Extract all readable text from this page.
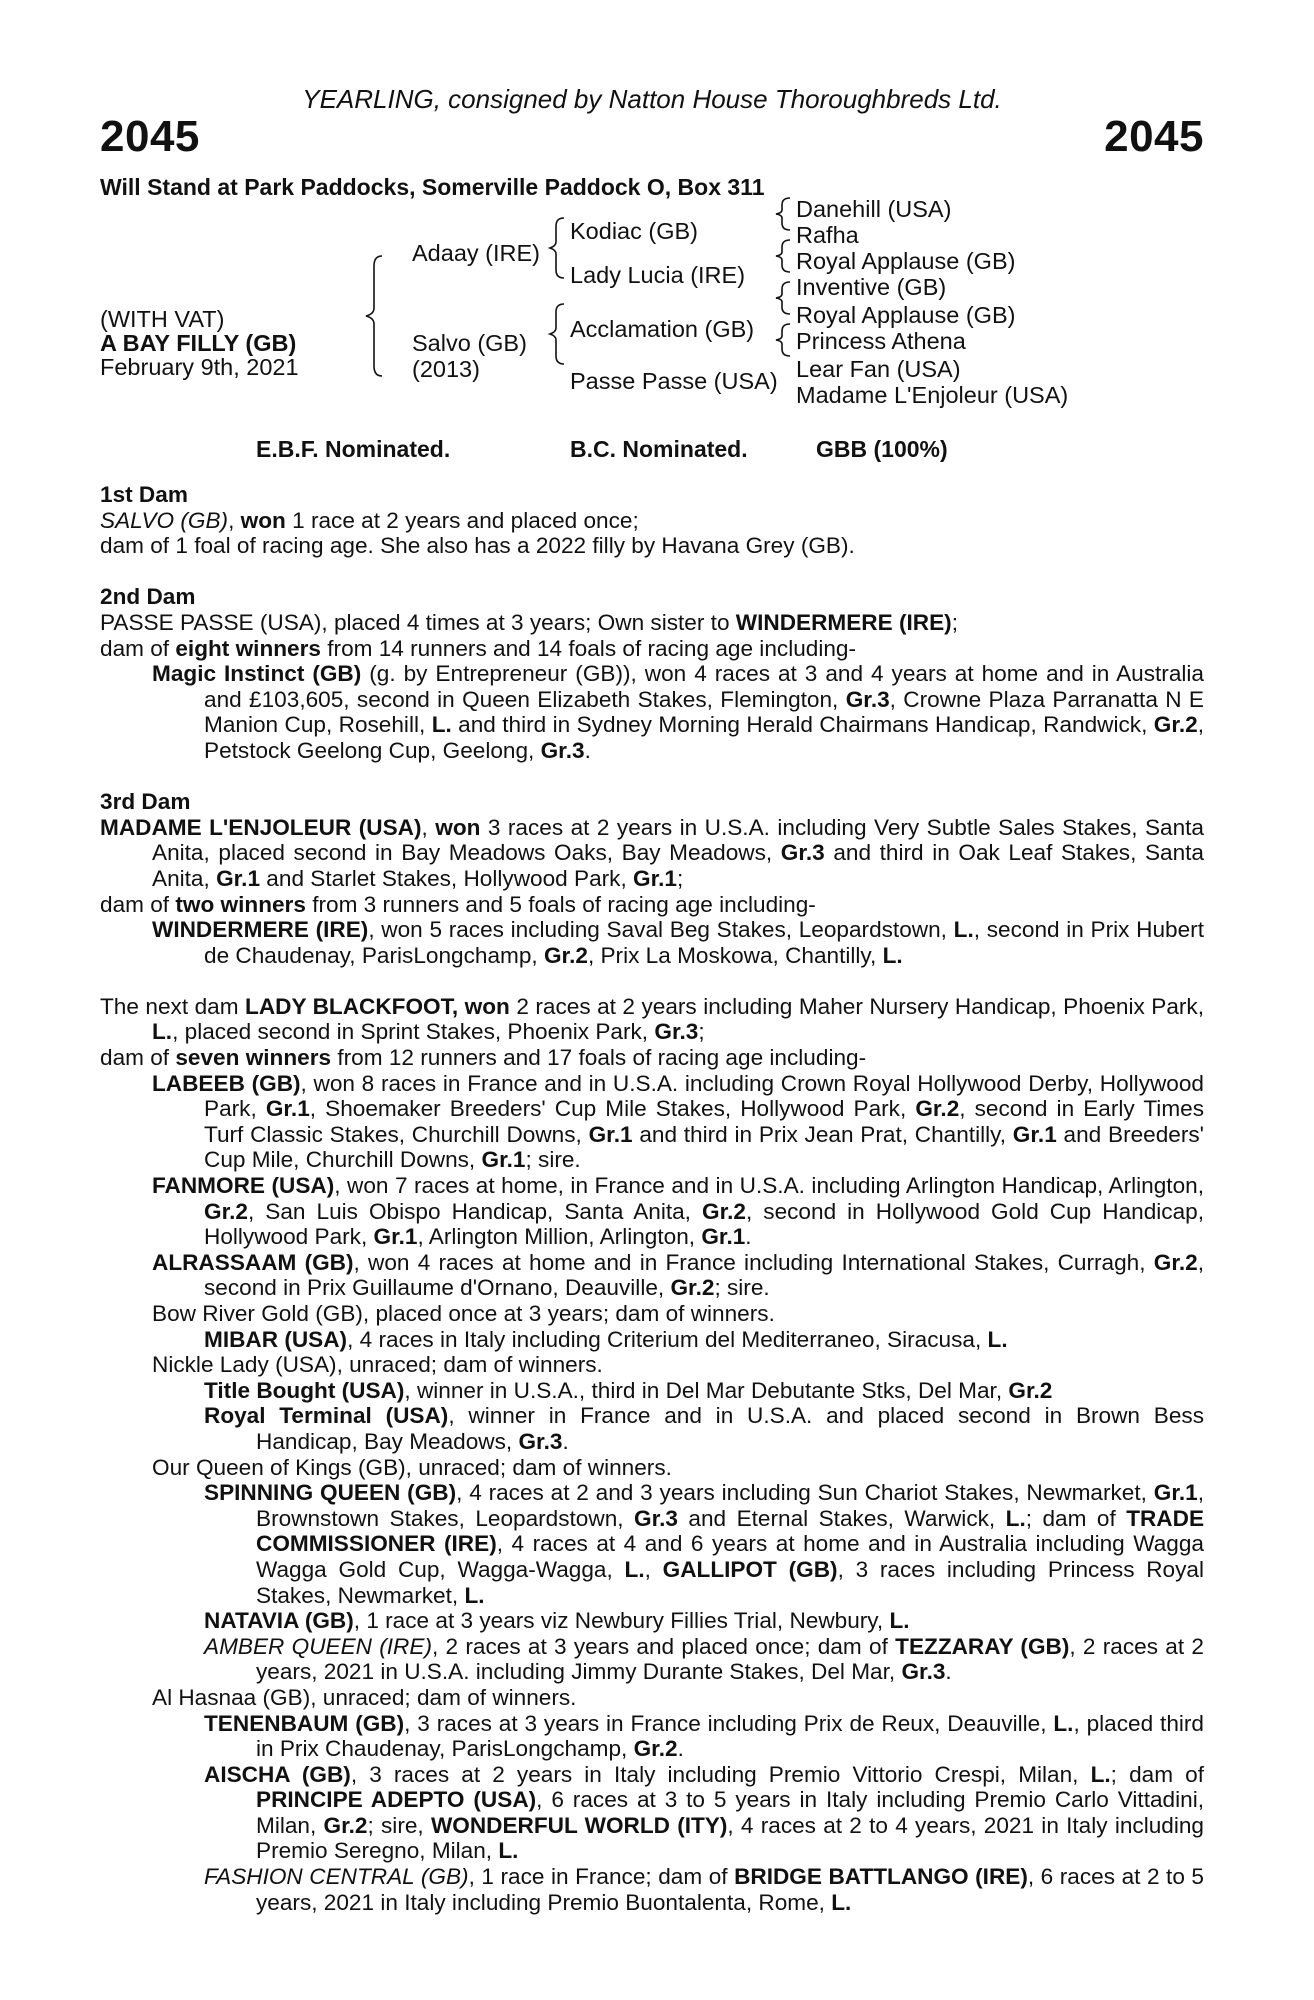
YEARLING, consigned by Natton House Thoroughbreds Ltd.
2045	2045
Will Stand at Park Paddocks, Somerville Paddock O, Box 311
(WITH VAT)
A BAY FILLY (GB)
February 9th, 2021
Adaay (IRE)
Salvo (GB)
(2013)
Kodiac (GB)
Lady Lucia (IRE)
Acclamation (GB)
Passe Passe (USA)
Danehill (USA)
Rafha
Royal Applause (GB)
Inventive (GB)
Royal Applause (GB)
Princess Athena
Lear Fan (USA)
Madame L'Enjoleur (USA)
E.B.F. Nominated.	B.C. Nominated.	GBB (100%)
1st Dam

SALVO (GB), won 1 race at 2 years and placed once;

dam of 1 foal of racing age. She also has a 2022 filly by Havana Grey (GB).

2nd Dam

PASSE PASSE (USA), placed 4 times at 3 years; Own sister to WINDERMERE (IRE);

dam of eight winners from 14 runners and 14 foals of racing age including-

Magic Instinct (GB) (g. by Entrepreneur (GB)), won 4 races at 3 and 4 years at home and in Australia and £103,605, second in Queen Elizabeth Stakes, Flemington, Gr.3, Crowne Plaza Parranatta N E Manion Cup, Rosehill, L. and third in Sydney Morning Herald Chairmans Handicap, Randwick, Gr.2, Petstock Geelong Cup, Geelong, Gr.3.

3rd Dam

MADAME L'ENJOLEUR (USA), won 3 races at 2 years in U.S.A. including Very Subtle Sales Stakes, Santa Anita, placed second in Bay Meadows Oaks, Bay Meadows, Gr.3 and third in Oak Leaf Stakes, Santa Anita, Gr.1 and Starlet Stakes, Hollywood Park, Gr.1;

dam of two winners from 3 runners and 5 foals of racing age including-

WINDERMERE (IRE), won 5 races including Saval Beg Stakes, Leopardstown, L., second in Prix Hubert de Chaudenay, ParisLongchamp, Gr.2, Prix La Moskowa, Chantilly, L.

The next dam LADY BLACKFOOT, won 2 races at 2 years including Maher Nursery Handicap, Phoenix Park, L., placed second in Sprint Stakes, Phoenix Park, Gr.3;

dam of seven winners from 12 runners and 17 foals of racing age including-

LABEEB (GB), won 8 races in France and in U.S.A. including Crown Royal Hollywood Derby, Hollywood Park, Gr.1, Shoemaker Breeders' Cup Mile Stakes, Hollywood Park, Gr.2, second in Early Times Turf Classic Stakes, Churchill Downs, Gr.1 and third in Prix Jean Prat, Chantilly, Gr.1 and Breeders' Cup Mile, Churchill Downs, Gr.1; sire.

FANMORE (USA), won 7 races at home, in France and in U.S.A. including Arlington Handicap, Arlington, Gr.2, San Luis Obispo Handicap, Santa Anita, Gr.2, second in Hollywood Gold Cup Handicap, Hollywood Park, Gr.1, Arlington Million, Arlington, Gr.1.

ALRASSAAM (GB), won 4 races at home and in France including International Stakes, Curragh, Gr.2, second in Prix Guillaume d'Ornano, Deauville, Gr.2; sire.

Bow River Gold (GB), placed once at 3 years; dam of winners.

MIBAR (USA), 4 races in Italy including Criterium del Mediterraneo, Siracusa, L.

Nickle Lady (USA), unraced; dam of winners.

Title Bought (USA), winner in U.S.A., third in Del Mar Debutante Stks, Del Mar, Gr.2

Royal Terminal (USA), winner in France and in U.S.A. and placed second in Brown Bess Handicap, Bay Meadows, Gr.3.

Our Queen of Kings (GB), unraced; dam of winners.

SPINNING QUEEN (GB), 4 races at 2 and 3 years including Sun Chariot Stakes, Newmarket, Gr.1, Brownstown Stakes, Leopardstown, Gr.3 and Eternal Stakes, Warwick, L.; dam of TRADE COMMISSIONER (IRE), 4 races at 4 and 6 years at home and in Australia including Wagga Wagga Gold Cup, Wagga-Wagga, L., GALLIPOT (GB), 3 races including Princess Royal Stakes, Newmarket, L.

NATAVIA (GB), 1 race at 3 years viz Newbury Fillies Trial, Newbury, L.

AMBER QUEEN (IRE), 2 races at 3 years and placed once; dam of TEZZARAY (GB), 2 races at 2 years, 2021 in U.S.A. including Jimmy Durante Stakes, Del Mar, Gr.3.

Al Hasnaa (GB), unraced; dam of winners.

TENENBAUM (GB), 3 races at 3 years in France including Prix de Reux, Deauville, L., placed third in Prix Chaudenay, ParisLongchamp, Gr.2.

AISCHA (GB), 3 races at 2 years in Italy including Premio Vittorio Crespi, Milan, L.; dam of PRINCIPE ADEPTO (USA), 6 races at 3 to 5 years in Italy including Premio Carlo Vittadini, Milan, Gr.2; sire, WONDERFUL WORLD (ITY), 4 races at 2 to 4 years, 2021 in Italy including Premio Seregno, Milan, L.

FASHION CENTRAL (GB), 1 race in France; dam of BRIDGE BATTLANGO (IRE), 6 races at 2 to 5 years, 2021 in Italy including Premio Buontalenta, Rome, L.
